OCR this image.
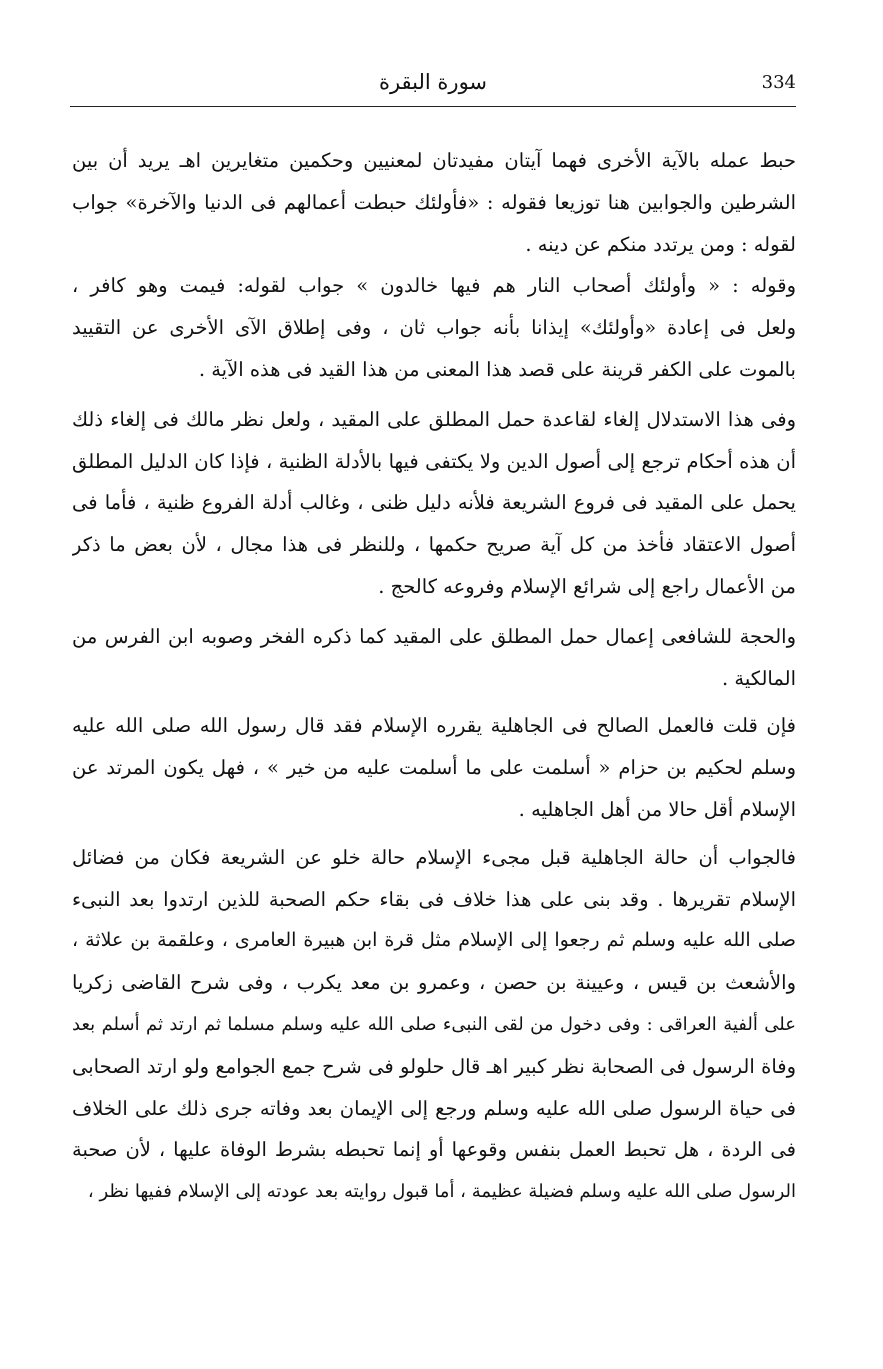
334
سورة البقرة
حبط عمله بالآية الأخرى فهما آيتان مفيدتان لمعنيين وحكمين متغايرين اهـ يريد أن بين
الشرطين والجوابين هنا توزيعا فقوله : «فأولئك حبطت أعمالهم فى الدنيا والآخرة» جواب
لقوله : ومن يرتدد منكم عن دينه .
وقوله : « وأولئك أصحاب النار هم فيها خالدون » جواب لقوله: فيمت وهو كافر ،
ولعل فى إعادة «وأولئك» إيذانا بأنه جواب ثان ، وفى إطلاق الآى الأخرى عن التقييد
بالموت على الكفر قرينة على قصد هذا المعنى من هذا القيد فى هذه الآية .
وفى هذا الاستدلال إلغاء لقاعدة حمل المطلق على المقيد ، ولعل نظر مالك فى إلغاء ذلك
أن هذه أحكام ترجع إلى أصول الدين ولا يكتفى فيها بالأدلة الظنية ، فإذا كان الدليل المطلق
يحمل على المقيد فى فروع الشريعة فلأنه دليل ظنى ، وغالب أدلة الفروع ظنية ، فأما فى
أصول الاعتقاد فأخذ من كل آية صريح حكمها ، وللنظر فى هذا مجال ، لأن بعض ما ذكر
من الأعمال راجع إلى شرائع الإسلام وفروعه كالحج .
والحجة للشافعى إعمال حمل المطلق على المقيد كما ذكره الفخر وصوبه ابن الفرس من
المالكية .
فإن قلت فالعمل الصالح فى الجاهلية يقرره الإسلام فقد قال رسول الله صلى الله عليه
وسلم لحكيم بن حزام « أسلمت على ما أسلمت عليه من خير » ، فهل يكون المرتد عن
الإسلام أقل حالا من أهل الجاهليه .
فالجواب أن حالة الجاهلية قبل مجىء الإسلام حالة خلو عن الشريعة فكان من فضائل
الإسلام تقريرها . وقد بنى على هذا خلاف فى بقاء حكم الصحبة للذين ارتدوا بعد النبىء
صلى الله عليه وسلم ثم رجعوا إلى الإسلام مثل قرة ابن هبيرة العامرى ، وعلقمة بن علاثة ،
والأشعث بن قيس ، وعيينة بن حصن ، وعمرو بن معد يكرب ، وفى شرح القاضى زكريا
على ألفية العراقى : وفى دخول من لقى النبىء صلى الله عليه وسلم مسلما ثم ارتد ثم أسلم بعد
وفاة الرسول فى الصحابة نظر كبير اهـ قال حلولو فى شرح جمع الجوامع ولو ارتد الصحابى
فى حياة الرسول صلى الله عليه وسلم ورجع إلى الإيمان بعد وفاته جرى ذلك على الخلاف
فى الردة ، هل تحبط العمل بنفس وقوعها أو إنما تحبطه بشرط الوفاة عليها ، لأن صحبة
الرسول صلى الله عليه وسلم فضيلة عظيمة ، أما قبول روايته بعد عودته إلى الإسلام ففيها نظر ،
